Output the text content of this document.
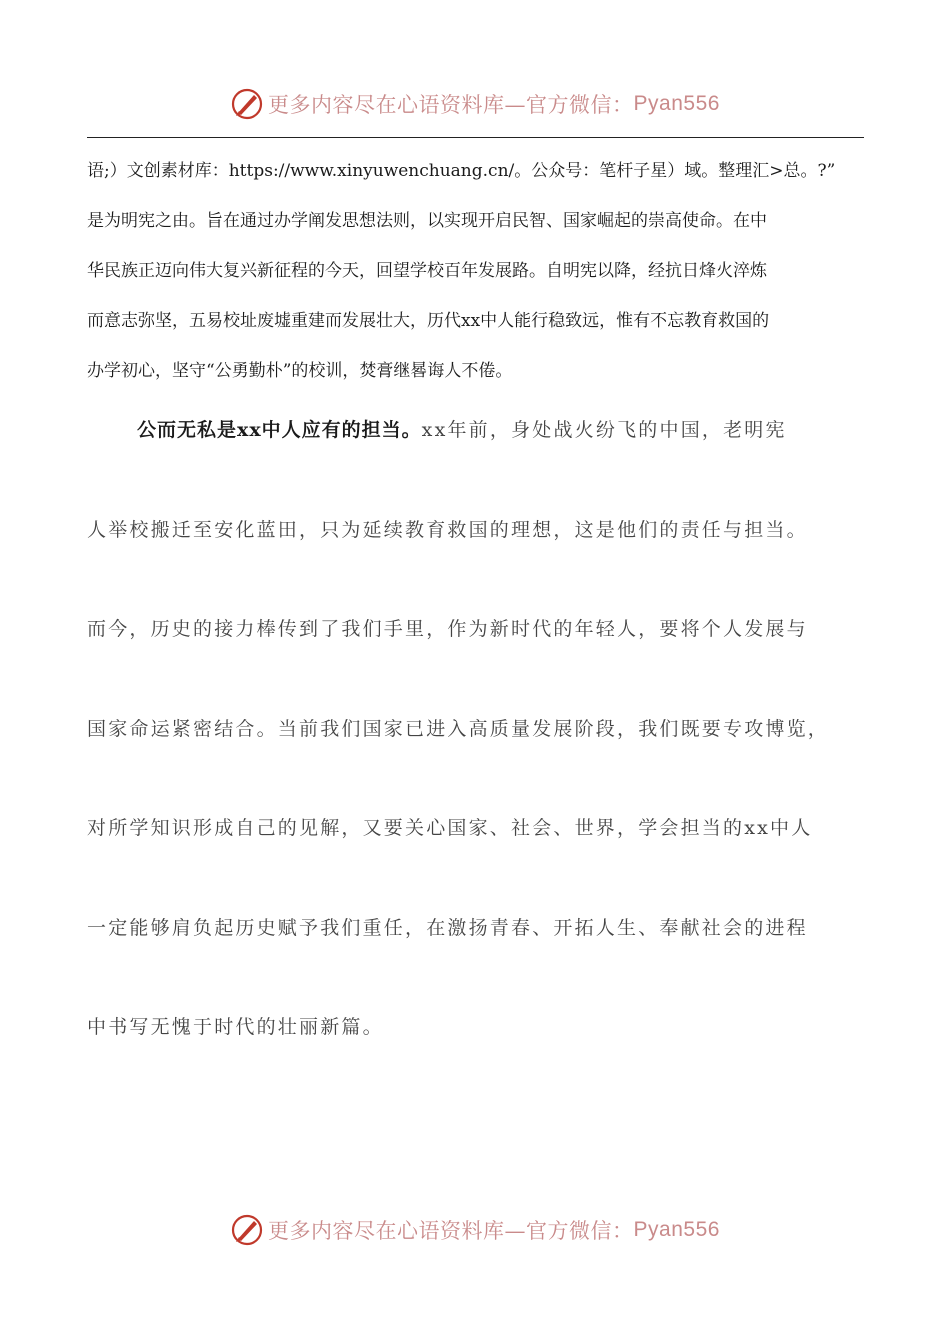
更多内容尽在心语资料库—官方微信： Pyan556
语;）文创素材库：https://www.xinyuwenchuang.cn/。公众号：笔杆子星）域。整理汇>总。?”
是为明宪之由。旨在通过办学阐发思想法则，以实现开启民智、国家崛起的崇高使命。在中
华民族正迈向伟大复兴新征程的今天，回望学校百年发展路。自明宪以降，经抗日烽火淬炼
而意志弥坚，五易校址废墟重建而发展壮大，历代xx中人能行稳致远，惟有不忘教育救国的
办学初心，坚守“公勇勤朴”的校训，焚膏继晷诲人不倦。
公而无私是xx中人应有的担当。xx年前，身处战火纷飞的中国，老明宪
人举校搬迁至安化蓝田，只为延续教育救国的理想，这是他们的责任与担当。
而今，历史的接力棒传到了我们手里，作为新时代的年轻人，要将个人发展与
国家命运紧密结合。当前我们国家已进入高质量发展阶段，我们既要专攻博览，
对所学知识形成自己的见解，又要关心国家、社会、世界，学会担当的xx中人
一定能够肩负起历史赋予我们重任，在激扬青春、开拓人生、奉献社会的进程
中书写无愧于时代的壮丽新篇。
更多内容尽在心语资料库—官方微信： Pyan556
